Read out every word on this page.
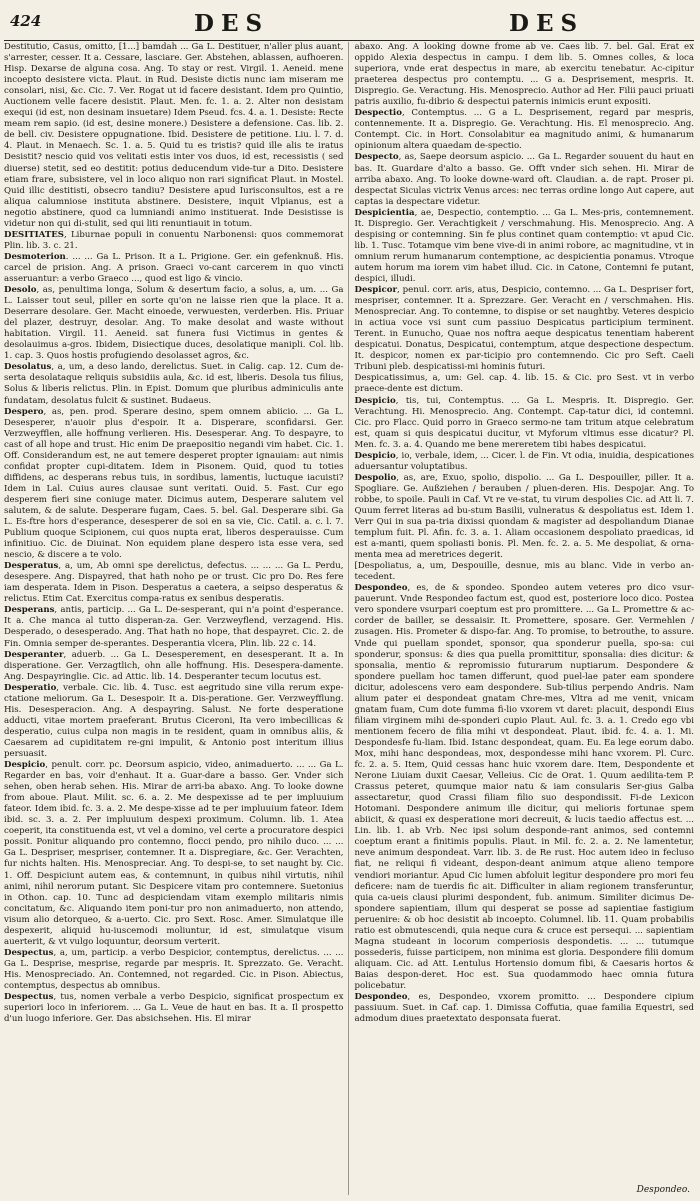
424	DES	DES

Destitutio, Casus, omitto, [1...] bamdah ... Ga L. Destituer, n'aller plus auant, s'arrester, cesser. It a. Cessare, lasciare. Ger. Abstehen, ablassen, aufhoeren. Hisp. Dexarse de alguna cosa. Ang. To stay or rest. Virgil. 1. Aeneid. mene incoepto desistere victa. Plaut. in Rud. Desiste dictis nunc iam miseram me consolari, nisi, &c. Cic. 7. Ver. Rogat ut id facere desistant. Idem pro Quintio, Auctionem velle facere desistit. Plaut. Men. fc. 1. a. 2. Alter non desistam exequi (id est, non desinam insuetare) Idem Pseud. fcs. 4. a. 1. Desiste: Recte meam rem sapio. (id est, desine monere.) Desistere a defensione. Cas. lib. 2. de bell. civ. Desistere oppugnatione. Ibid. Desistere de petitione. Liu. l. 7. d. 4. Plaut. in Menaech. Sc. 1. a. 5. Quid tu es tristis? quid ille alis te iratus Desistit? nescio quid vos velitati estis inter vos duos, id est, recessistis ( sed diuerse) stetit, sed eo destitit: potius deducendum vide-tur a Dito. Desistere etiam frare, subsistere, vel in loco aliquo non rari significat Plaut. in Mostel. Quid illic destitisti, obsecro tandiu? Desistere apud Iurisconsultos, est a re aliqua calumniose instituta abstinere. Desistere, inquit Vlpianus, est a negotio abstinere, quod ca lumniandi animo instituerat. Inde Desistisse is videtur non qui di-stulit, sed qui liti renuntiauit in totum.

DESITIATES, Liburnae populi in conuentu Narbonensi: quos commemorat Plin. lib. 3. c. 21.

Desmoterion. ... ... Ga L. Prison. It a L. Prigione. Ger. ein gefenknuß. His. carcel de prision. Ang. A prison. Graeci vo-cant carcerem in quo vincti asseruantur: a verbo Graeco ..., quod est ligo & vincio.

Desolo, as, penultima longa, Solum & desertum facio, a solus, a, um. ... Ga L. Laisser tout seul, piller en sorte qu'on ne laisse rien que la place. It a. Deserrare desolare. Ger. Macht einoede, verwuesten, verderben. His. Priuar del plazer, destruyr, desolar. Ang. To make desolat and waste without habitation. Virgil. 11. Aeneid. sat funera fusi Victimus in gentes & desolauimus a-gros. Ibidem, Disiectique duces, desolatique manipli. Col. lib. 1. cap. 3. Quos hostis profugiendo desolasset agros, &c.

Desolatus, a, um, a deso lando, derelictus. Suet. in Calig. cap. 12. Cum de-serta desolataque reliquis subsidiis aula, &c. id est, liberis. Desola tus filius, Solus & liberis relictus. Plin. in Epist. Domum que pluribus adminiculis ante fundatam, desolatus fulcit & sustinet. Budaeus.

Despero, as, pen. prod. Sperare desino, spem omnem abiicio. ... Ga L. Desesperer, n'auoir plus d'espoir. It a. Disperare, sconfidarsi. Ger. Verzweyfflen, alle hoffnung verlieren. His. Desesperar. Ang. To despayre, to cast of all hope and trust. Hic enim De praepositio negandi vim habet. Cic. 1. Off. Considerandum est, ne aut temere desperet propter ignauiam: aut nimis confidat propter cupi-ditatem. Idem in Pisonem. Quid, quod tu toties diffidens, ac desperans rebus tuis, in sordibus, lamentis, luctuque iacuisti? Idem in Lal. Cuius aures clausae sunt veritati. Ouid. 5. Fast. Cur ego desperem fieri sine coniuge mater. Dicimus autem, Desperare salutem vel salutem, & de salute. Desperare fugam, Caes. 5. bel. Gal. Desperare sibi. Ga L. Es-ftre hors d'esperance, desesperer de soi en sa vie, Cic. Catil. a. c. l. 7. Publium quoque Scipionem, cui quos nupta erat, liberos desperauisse. Cum infinitiuo. Cic. de Diuinat. Non equidem plane despero ista esse vera, sed nescio, & discere a te volo.

Desperatus, a, um, Ab omni spe derelictus, defectus. ... ... ... Ga L. Perdu, desespere. Ang. Dispayred, that hath noho pe or trust. Cic pro Do. Res fere iam desperata. Idem in Pison. Desperatus a caetera, a seipso desperatus & relictus. Etim Cat. Exercitus compa-ratus ex senibus desperatis.

Desperans, antis, particip. ... Ga L. De-sesperant, qui n'a point d'esperance. It a. Che manca al tutto disperan-za. Ger. Verzweyflend, verzagend. His. Desperado, o desesperado. Ang. That hath no hope, that despayret. Cic. 2. de Fin. Omnia semper de-sperantes. Desperantia vlcera, Plin. lib. 22 c. 14.

Desperanter, aduerb. ... Ga L. Desesperement, en desesperant. It a. In disperatione. Ger. Verzagtlich, ohn alle hoffnung. His. Desespera-damente. Ang. Despayringlie. Cic. ad Attic. lib. 14. Desperanter tecum locutus est.

Desperatio, verbale. Cic. lib. 4. Tusc. est aegritudo sine villa rerum expe-ctatione meliorum. Ga L. Desespoir. It a. Dis-peratione. Ger. Verzweyfflung. His. Desesperacion. Ang. A despayring. Salust. Ne forte desperatione adducti, vitae mortem praeferant. Brutus Ciceroni, Ita vero imbecillicas & desperatio, cuius culpa non magis in te resident, quam in omnibus aliis, & Caesarem ad cupiditatem re-gni impulit, & Antonio post interitum illius persuasit.

Despicio, penult. corr. pc. Deorsum aspicio, video, animaduerto. ... ... Ga L. Regarder en bas, voir d'enhaut. It a. Guar-dare a basso. Ger. Vnder sich sehen, oben herab sehen. His. Mirar de arri-ba abaxo. Ang. To looke downe from aboue. Plaut. Milit. sc. 6. a. 2. Me despexisse ad te per impluuium fateor. Idem ibid. fc. 3. a. 2. Me despe-xisse ad te per impluuium fateor. Idem ibid. sc. 3. a. 2. Per impluuium despexi proximum. Column. lib. 1. Atea coeperit, ita constituenda est, vt vel a domino, vel certe a procuratore despici possit. Ponitur aliquando pro contemno, flocci pendo, pro nihilo duco. ... ... Ga L. Despriser, mespriser, contemner. It a. Dispregiare, &c. Ger. Verachten, fur nichts halten. His. Menospreciar. Ang. To despi-se, to set naught by. Cic. 1. Off. Despiciunt autem eas, & contemnunt, in quibus nihil virtutis, nihil animi, nihil nerorum putant. Sic Despicere vitam pro contemnere. Suetonius in Othon. cap. 10. Tunc ad despiciendam vitam exemplo militaris nimis concitatum, &c. Aliquando item poni-tur pro non animaduerto, non attendo, visum alio detorqueo, & a-uerto. Cic. pro Sext. Rosc. Amer. Simulatque ille despexerit, aliquid hu-iuscemodi moliuntur, id est, simulatque visum auerterit, & vt vulgo loquuntur, deorsum verterit.

Despectus, a, um, particip. a verbo Despicior, contemptus, derelictus. ... ... Ga L. Desprise, mesprise, regarde par mespris. It. Sprezzato. Ge. Veracht. His. Menospreciado. An. Contemned, not regarded. Cic. in Pison. Abiectus, contemptus, despectus ab omnibus.

Despectus, tus, nomen verbale a verbo Despicio, significat prospectum ex superiori loco in inferiorem. ... Ga L. Veue de haut en bas. It a. Il prospetto d'un luogo inferiore. Ger. Das absichsehen. His. El mirar

abaxo. Ang. A looking downe frome ab ve. Caes lib. 7. bel. Gal. Erat ex oppido Alexia despectus in campu. I dem lib. 5. Omnes colles, & loca superiora, vnde erat despectus in mare, ab exercitu tenebatur. Ac-cipitur praeterea despectus pro contemptu. ... G a. Desprisement, mespris. It. Dispregio. Ge. Veractung. His. Menosprecio. Author ad Her. Filii pauci priuati patris auxilio, fu-dibrio & despectui paternis inimicis erunt expositi.

Despectio, Contemptus. ... G a L. Desprisement, regard par mespris, contennemente. It a. Dispregio. Ge. Verachtung. His. El menosprecio. Ang. Contempt. Cic. in Hort. Consolabitur ea magnitudo animi, & humanarum opinionum altera quaedam de-spectio.

Despecto, as, Saepe deorsum aspicio. ... Ga L. Regarder souuent du haut en bas. It. Guardare d'alto a basso. Ge. Offt vnder sich sehen. Hi. Mirar de arriba abaxo. Ang. To looke downe-ward oft. Claudian. a. de rapt. Proser pi. despectat Siculas victrix Venus arces: nec terras ordine longo Aut capere, aut captas ia despectare videtur.

Despicientia, ae, Despectio, contemptio. ... Ga L. Mes-pris, contemnement. It. Dispregio. Ger. Verachtigkeit / verschmahung. His. Menosprecio. Ang. A despising or contemning. Sin fe plus continet quam contemptio: vt apud Cic. lib. 1. Tusc. Totamque vim bene vive-di in animi robore, ac magnitudine, vt in omnium rerum humanarum contemptione, ac despicientia ponamus. Vtroque autem horum ma iorem vim habet illud. Cic. in Catone, Contemni fe putant, despici, illudi.

Despicor, penul. corr. aris, atus, Despicio, contemno. ... Ga L. Despriser fort, mespriser, contemner. It a. Sprezzare. Ger. Veracht en / verschmahen. His. Menospreciar. Ang. To contemne, to dispise or set naughtby. Veteres despicio in actiua voce vsi sunt cum passiuo Despicatus participium terminent. Terent. in Eunucho, Quae nos noftra aeque despicatus tenentiam haberent despicatui. Donatus, Despicatui, contemptum, atque despectione despectum. It. despicor, nomen ex par-ticipio pro contemnendo. Cic pro Seft. Caeli Tribuni pleb. despicatissi-mi hominis futuri.

Despicatissimus, a, um: Gel. cap. 4. lib. 15. & Cic. pro Sest. vt in verbo praece-dente est dictum.

Despicio, tis, tui, Contemptus. ... Ga L. Mespris. It. Dispregio. Ger. Verachtung. Hi. Menosprecio. Ang. Contempt. Cap-tatur dici, id contemni. Cic. pro Flacc. Quid porro in Graeco sermo-ne tam tritum atque celebratum est, quam si quis despicatui ducitur, vt Myforum vltimus esse dicatur? Pl. Men. fc. 3. a. 4. Quando me bene mereretem tibi habes despicatui.

Despicio, io, verbale, idem, ... Cicer. l. de Fin. Vt odia, inuidia, despicationes aduersantur voluptatibus.

Despolio, as, are, Exuo, spolio, dispolio. ... Ga L. Despouiller, piller. It a. Spogliare. Ge. Außziehen / berauben / pluen-deren. His. Despojar. Ang. To robbe, to spoile. Pauli in Caf. Vt re ve-stat, tu virum despolies Cic. ad Att li. 7. Quum ferret literas ad bu-stum Basilii, vulneratus & despoliatus est. Idem 1. Verr Qui in sua pa-tria dixissi quondam & magister ad despoliandum Dianae templum fuit. Pl. Afin. fc. 3. a. 1. Aliam occasionem despoliato praedicas, id est a-manti, quem spoliasti bonis. Pl. Men. fc. 2. a. 5. Me despoliat, & orna-menta mea ad meretrices degerit.

[Despoliatus, a, um, Despouille, desnue, mis au blanc. Vide in verbo an-tecedent.

Despondeo, es, de & spondeo. Spondeo autem veteres pro dico vsur-pauerunt. Vnde Respondeo factum est, quod est, posteriore loco dico. Postea vero spondere vsurpari coeptum est pro promittere. ... Ga L. Promettre & ac-corder de bailler, se dessaisir. It. Promettere, sposare. Ger. Vermehlen / zusagen. His. Prometer & dispo-far. Ang. To promise, to betrouthe, to assure. Vnde qui puellam spondet, sponsor, qua sponderur puella, spo-sa: cui sponderur, sponsus: & dies qua puella promittitur, sponsalia: dies dicitur: & sponsalia, mentio & repromissio futurarum nuptiarum. Despondere & spondere puellam hoc tamen differunt, quod puel-lae pater eam spondere dicitur, adolescens vero eam despondere. Sub-tilius perpendo Andris. Nam alium pater ei despondeat gnatam Chre-mes, Vltra ad me venit, vnicam gnatam fuam, Cum dote fumma fi-lio vxorem vt daret: placuit, despondi Eius filiam virginem mihi de-sponderi cupio Plaut. Aul. fc. 3. a. 1. Credo ego vbi mentionem fecero de filia mihi vt despondeat. Plaut. ibid. fc. 4. a. 1. Mi. Despondesfe fu-liam. Ibid. Istanc despondeat, quam. Eu. Ea lege eorum dabo. Mox, mihi hanc despondeas, mox, despondesse mihi hanc vxorem. Pl. Curc. fc. 2. a. 5. Item, Quid cessas hanc huic vxorem dare. Item, Despondente et Nerone Liuiam duxit Caesar, Velleius. Cic de Orat. 1. Quum aedilita-tem P. Crassus peteret, quumque maior natu & iam consularis Ser-gius Galba assectaretur, quod Crassi filiam filio suo despondissit. Fi-de Lexicon Hotomani. Despondere animum ille dicitur, qui melioris fortunae spem abiicit, & quasi ex desperatione mori decreuit, & lucis taedio affectus est. ... Lin. lib. 1. ab Vrb. Nec ipsi solum desponde-rant animos, sed contemni coeptum erant a finitimis populis. Plaut. in Mil. fc. 2. a. 2. Ne lamentetur, neve animum despondeat. Varr. lib. 3. de Re rust. Hoc autem ideo in fecluso fiat, ne reliqui fi videant, despon-deant animum atque alieno tempore vendiori moriantur. Apud Cic lumen abfoluit legitur despondere pro mori feu deficere: nam de tuerdis fic ait. Difficulter in aliam regionem transferuntur, quia ca-ueis clausi plurimi despondent, fub. animum. Similiter dicimus De-spondere sapientiam, illum qui desperat se posse ad sapientiae fastigium peruenire: & ob hoc desistit ab incoepto. Columnel. lib. 11. Quam probabilis ratio est obmutescendi, quia neque cura & cruce est persequi. ... sapientiam Magna studeant in locorum comperiosis despondetis. ... ... tutumque possederis, fuisse participem, non minima est gloria. Despondere filii domum aliquam. Cic. ad Att. Lentulus Hortensio domum fibi, & Caesaris hortos & Baias despon-deret. Hoc est. Sua quodammodo haec omnia futura policebatur.

Despondeo, es, Despondeo, vxorem promitto. ... Despondere cipium passiuum. Suet. in Caf. cap. 1. Dimissa Coffutia, quae familia Equestri, sed admodum diues praetextato desponsata fuerat.

Despondeo.
